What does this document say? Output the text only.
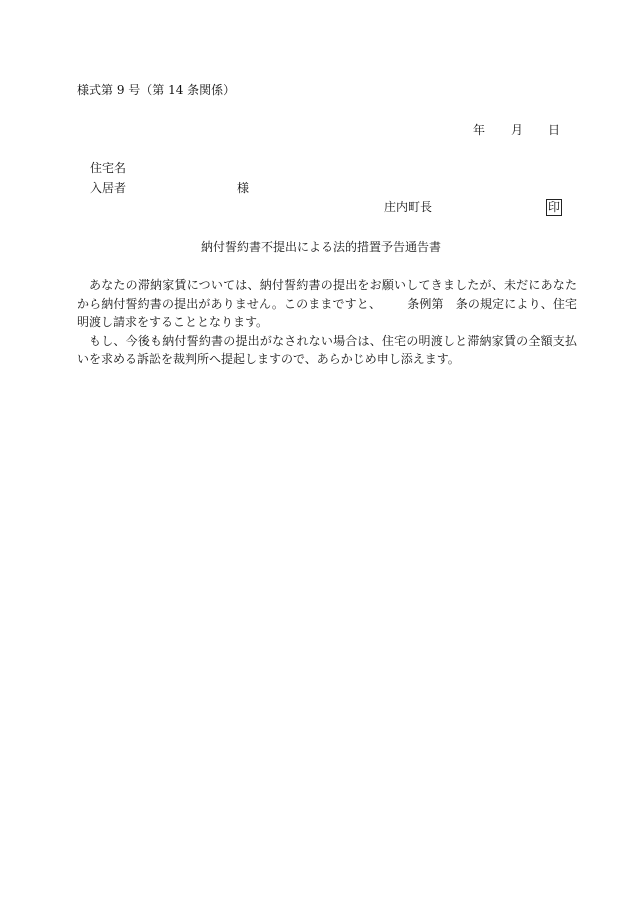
様式第 9 号（第 14 条関係）
年 月 日
住宅名
入居者	様
庄内町長	印
納付誓約書不提出による法的措置予告通告書

あなたの滞納家賃については、納付誓約書の提出をお願いしてきましたが、未だにあなたから納付誓約書の提出がありません。このままですと、 条例第 条の規定により、住宅明渡し請求をすることとなります。

もし、今後も納付誓約書の提出がなされない場合は、住宅の明渡しと滞納家賃の全額支払いを求める訴訟を裁判所へ提起しますので、あらかじめ申し添えます。
